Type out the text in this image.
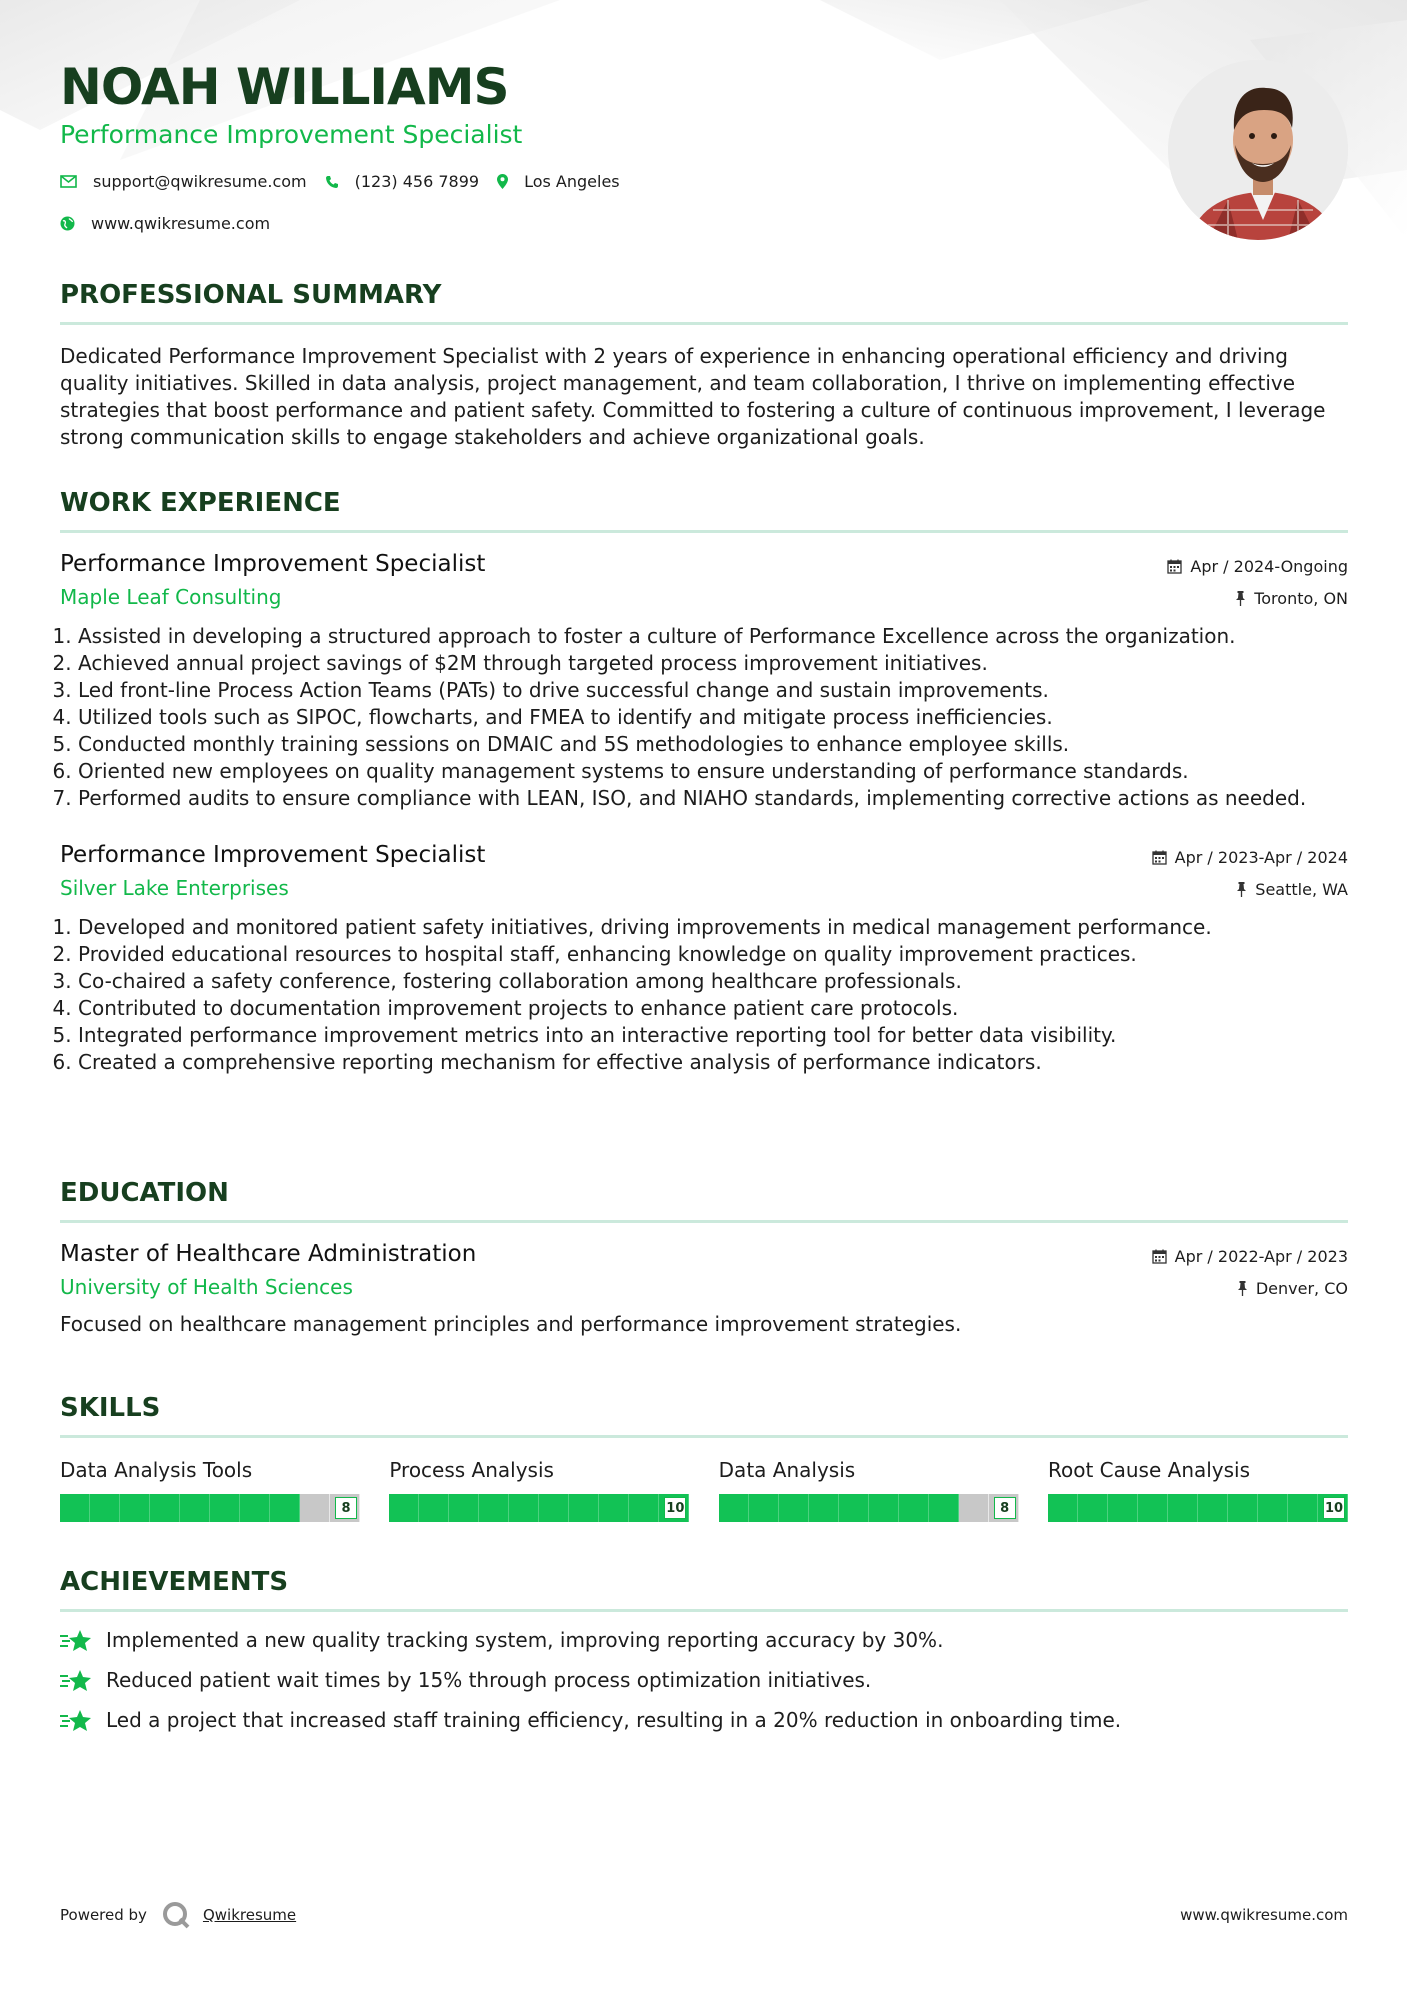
NOAH WILLIAMS
Performance Improvement Specialist
support@qwikresume.com	(123) 456 7899	Los Angeles
www.qwikresume.com
PROFESSIONAL SUMMARY
Dedicated Performance Improvement Specialist with 2 years of experience in enhancing operational efficiency and driving quality initiatives. Skilled in data analysis, project management, and team collaboration, I thrive on implementing effective strategies that boost performance and patient safety. Committed to fostering a culture of continuous improvement, I leverage strong communication skills to engage stakeholders and achieve organizational goals.
WORK EXPERIENCE
Performance Improvement Specialist
Maple Leaf Consulting
Apr / 2024-Ongoing
Toronto, ON
1. Assisted in developing a structured approach to foster a culture of Performance Excellence across the organization.
2. Achieved annual project savings of $2M through targeted process improvement initiatives.
3. Led front-line Process Action Teams (PATs) to drive successful change and sustain improvements.
4. Utilized tools such as SIPOC, flowcharts, and FMEA to identify and mitigate process inefficiencies.
5. Conducted monthly training sessions on DMAIC and 5S methodologies to enhance employee skills.
6. Oriented new employees on quality management systems to ensure understanding of performance standards.
7. Performed audits to ensure compliance with LEAN, ISO, and NIAHO standards, implementing corrective actions as needed.
Performance Improvement Specialist
Silver Lake Enterprises
Apr / 2023-Apr / 2024
Seattle, WA
1. Developed and monitored patient safety initiatives, driving improvements in medical management performance.
2. Provided educational resources to hospital staff, enhancing knowledge on quality improvement practices.
3. Co-chaired a safety conference, fostering collaboration among healthcare professionals.
4. Contributed to documentation improvement projects to enhance patient care protocols.
5. Integrated performance improvement metrics into an interactive reporting tool for better data visibility.
6. Created a comprehensive reporting mechanism for effective analysis of performance indicators.
EDUCATION
Master of Healthcare Administration
University of Health Sciences
Apr / 2022-Apr / 2023
Denver, CO
Focused on healthcare management principles and performance improvement strategies.
SKILLS
Data Analysis Tools
8
Process Analysis
10
Data Analysis
8
Root Cause Analysis
10
ACHIEVEMENTS
Implemented a new quality tracking system, improving reporting accuracy by 30%.
Reduced patient wait times by 15% through process optimization initiatives.
Led a project that increased staff training efficiency, resulting in a 20% reduction in onboarding time.
Powered by	Qwikresume	www.qwikresume.com
